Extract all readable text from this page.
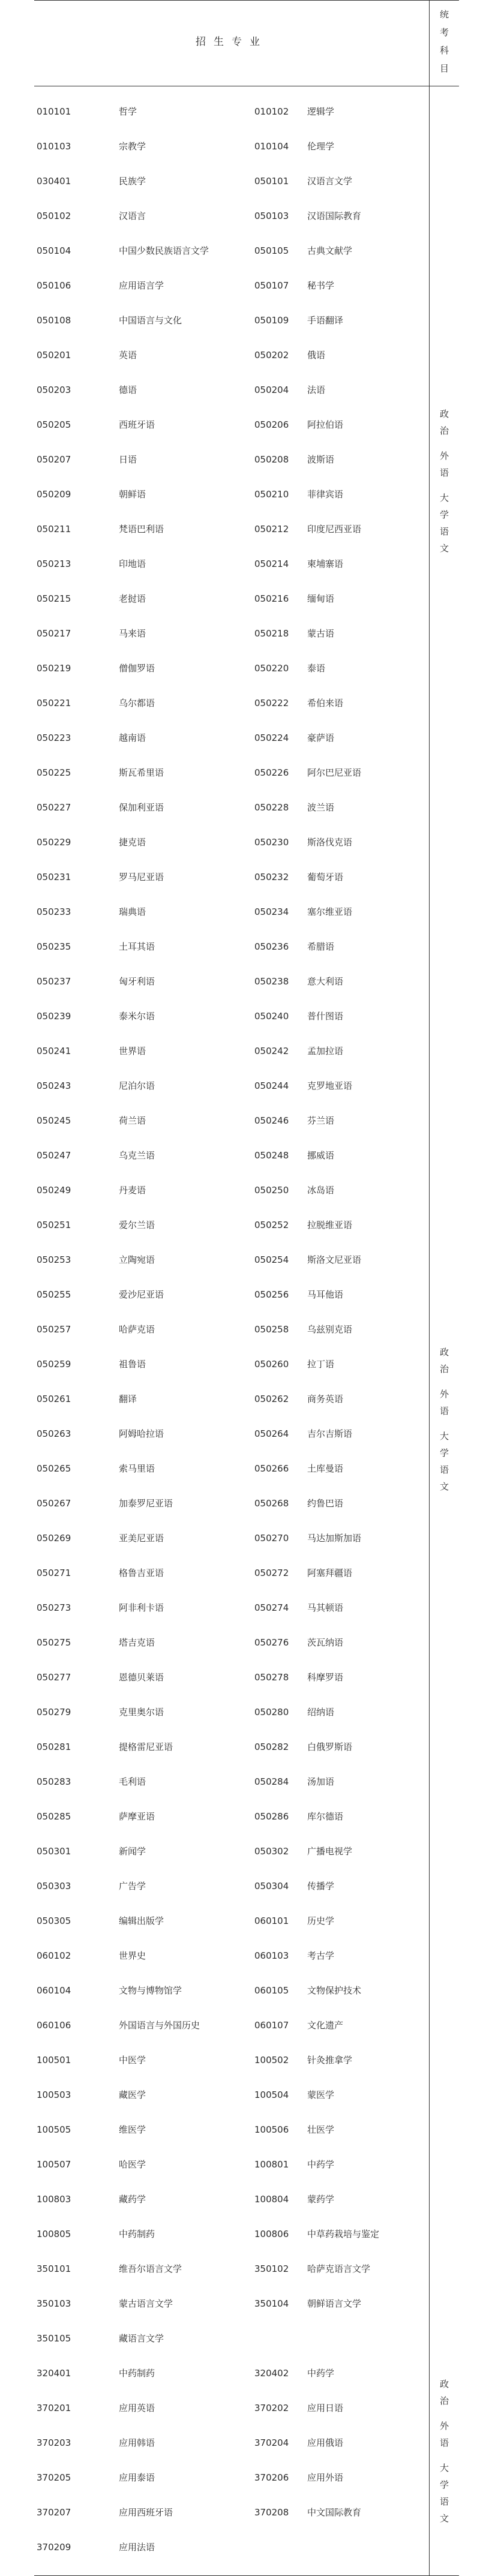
招生专业
统
考
科
目
010101	哲学	010102 逻辑学
010103	宗教学	010104 伦理学
030401	民族学	050101 汉语言文学
050102	汉语言	050103 汉语国际教育
050104	中国少数民族语言文学	050105 古典文献学
050106	应用语言学	050107 秘书学
050108	中国语言与文化	050109 手语翻译
050201	英语	050202 俄语
050203	德语	050204 法语
050205	西班牙语	050206 阿拉伯语
050207	日语	050208 波斯语
050209	朝鲜语	050210 菲律宾语
050211	梵语巴利语	050212 印度尼西亚语
050213	印地语	050214 柬埔寨语
050215	老挝语	050216 缅甸语
050217	马来语	050218 蒙古语
050219	僧伽罗语	050220 泰语
050221	乌尔都语	050222 希伯来语
050223	越南语	050224 豪萨语
050225	斯瓦希里语	050226 阿尔巴尼亚语
050227	保加利亚语	050228 波兰语
050229	捷克语	050230 斯洛伐克语
050231	罗马尼亚语	050232 葡萄牙语
050233	瑞典语	050234 塞尔维亚语
050235	土耳其语	050236 希腊语
050237	匈牙利语	050238 意大利语
050239	泰米尔语	050240 普什图语
050241	世界语	050242 孟加拉语
050243	尼泊尔语	050244 克罗地亚语
050245	荷兰语	050246 芬兰语
050247	乌克兰语	050248 挪威语
050249	丹麦语	050250 冰岛语
050251	爱尔兰语	050252 拉脱维亚语
050253	立陶宛语	050254 斯洛文尼亚语
050255	爱沙尼亚语	050256 马耳他语
050257	哈萨克语	050258 乌兹别克语
050259	祖鲁语	050260 拉丁语
050261	翻译	050262 商务英语
050263	阿姆哈拉语	050264 吉尔吉斯语
050265	索马里语	050266 土库曼语
050267	加泰罗尼亚语	050268 约鲁巴语
050269	亚美尼亚语	050270 马达加斯加语
050271	格鲁吉亚语	050272 阿塞拜疆语
050273	阿非利卡语	050274 马其顿语
050275	塔吉克语	050276 茨瓦纳语
050277	恩德贝莱语	050278 科摩罗语
050279	克里奥尔语	050280 绍纳语
050281	提格雷尼亚语	050282 白俄罗斯语
050283	毛利语	050284 汤加语
050285	萨摩亚语	050286 库尔德语
050301	新闻学	050302 广播电视学
050303	广告学	050304 传播学
050305	编辑出版学	060101 历史学
060102	世界史	060103 考古学
060104	文物与博物馆学	060105 文物保护技术
060106	外国语言与外国历史	060107 文化遗产
100501	中医学	100502 针灸推拿学
100503	藏医学	100504 蒙医学
100505	维医学	100506 壮医学
100507	哈医学	100801 中药学
100803	藏药学	100804 蒙药学
100805	中药制药	100806 中草药栽培与鉴定
350101	维吾尔语言文学	350102 哈萨克语言文学
350103	蒙古语言文学	350104 朝鲜语言文学
350105	藏语言文学
320401	中药制药	320402 中药学
370201	应用英语	370202 应用日语
370203	应用韩语	370204 应用俄语
370205	应用泰语	370206 应用外语
370207	应用西班牙语	370208 中文国际教育
370209	应用法语
政
治
外
语
大
学
语
文
政
治
外
语
大
学
语
文
政
治
外
语
大
学
语
文
